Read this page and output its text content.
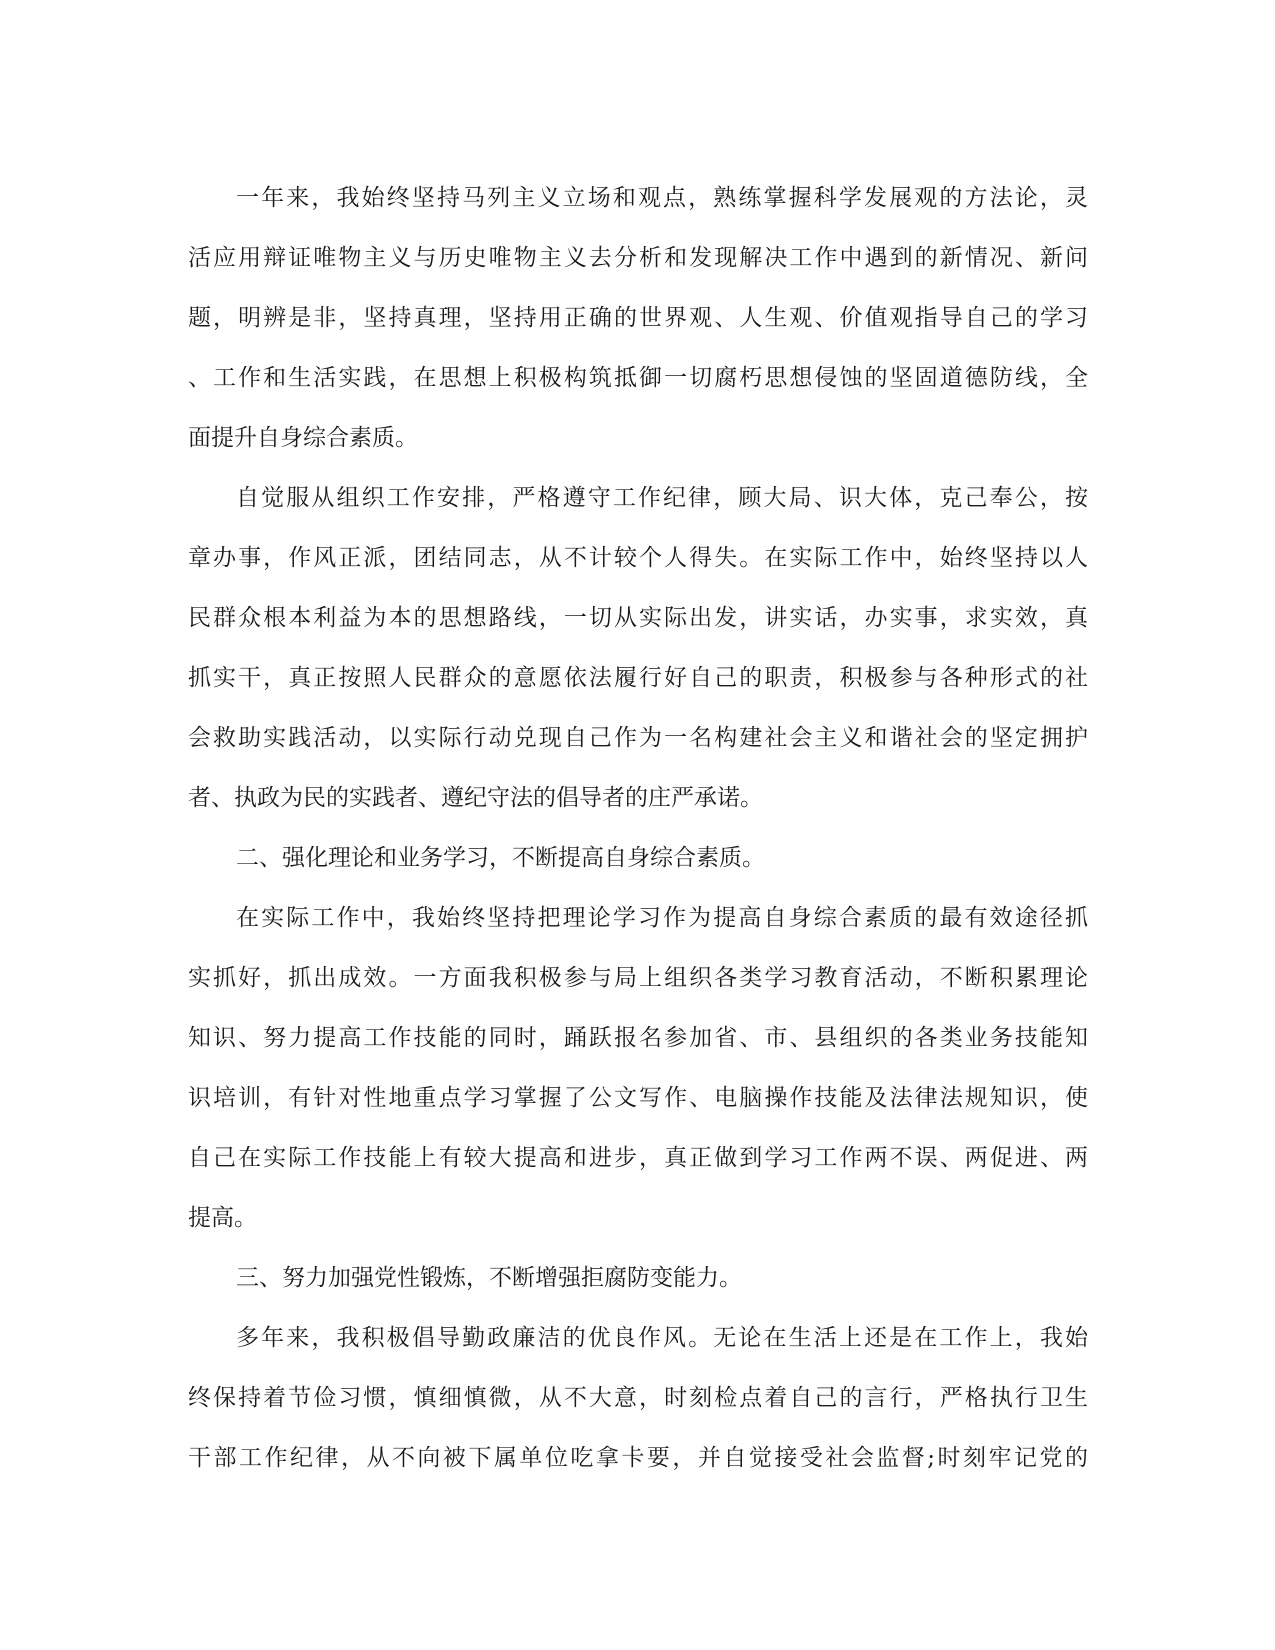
一年来，我始终坚持马列主义立场和观点，熟练掌握科学发展观的方法论，灵
活应用辩证唯物主义与历史唯物主义去分析和发现解决工作中遇到的新情况、新问
题，明辨是非，坚持真理，坚持用正确的世界观、人生观、价值观指导自己的学习
、工作和生活实践，在思想上积极构筑抵御一切腐朽思想侵蚀的坚固道德防线，全
面提升自身综合素质。

自觉服从组织工作安排，严格遵守工作纪律，顾大局、识大体，克己奉公，按
章办事，作风正派，团结同志，从不计较个人得失。在实际工作中，始终坚持以人
民群众根本利益为本的思想路线，一切从实际出发，讲实话，办实事，求实效，真
抓实干，真正按照人民群众的意愿依法履行好自己的职责，积极参与各种形式的社
会救助实践活动，以实际行动兑现自己作为一名构建社会主义和谐社会的坚定拥护
者、执政为民的实践者、遵纪守法的倡导者的庄严承诺。

二、强化理论和业务学习，不断提高自身综合素质。

在实际工作中，我始终坚持把理论学习作为提高自身综合素质的最有效途径抓
实抓好，抓出成效。一方面我积极参与局上组织各类学习教育活动，不断积累理论
知识、努力提高工作技能的同时，踊跃报名参加省、市、县组织的各类业务技能知
识培训，有针对性地重点学习掌握了公文写作、电脑操作技能及法律法规知识，使
自己在实际工作技能上有较大提高和进步，真正做到学习工作两不误、两促进、两
提高。

三、努力加强党性锻炼，不断增强拒腐防变能力。

多年来，我积极倡导勤政廉洁的优良作风。无论在生活上还是在工作上，我始
终保持着节俭习惯，慎细慎微，从不大意，时刻检点着自己的言行，严格执行卫生
干部工作纪律，从不向被下属单位吃拿卡要，并自觉接受社会监督;时刻牢记党的
